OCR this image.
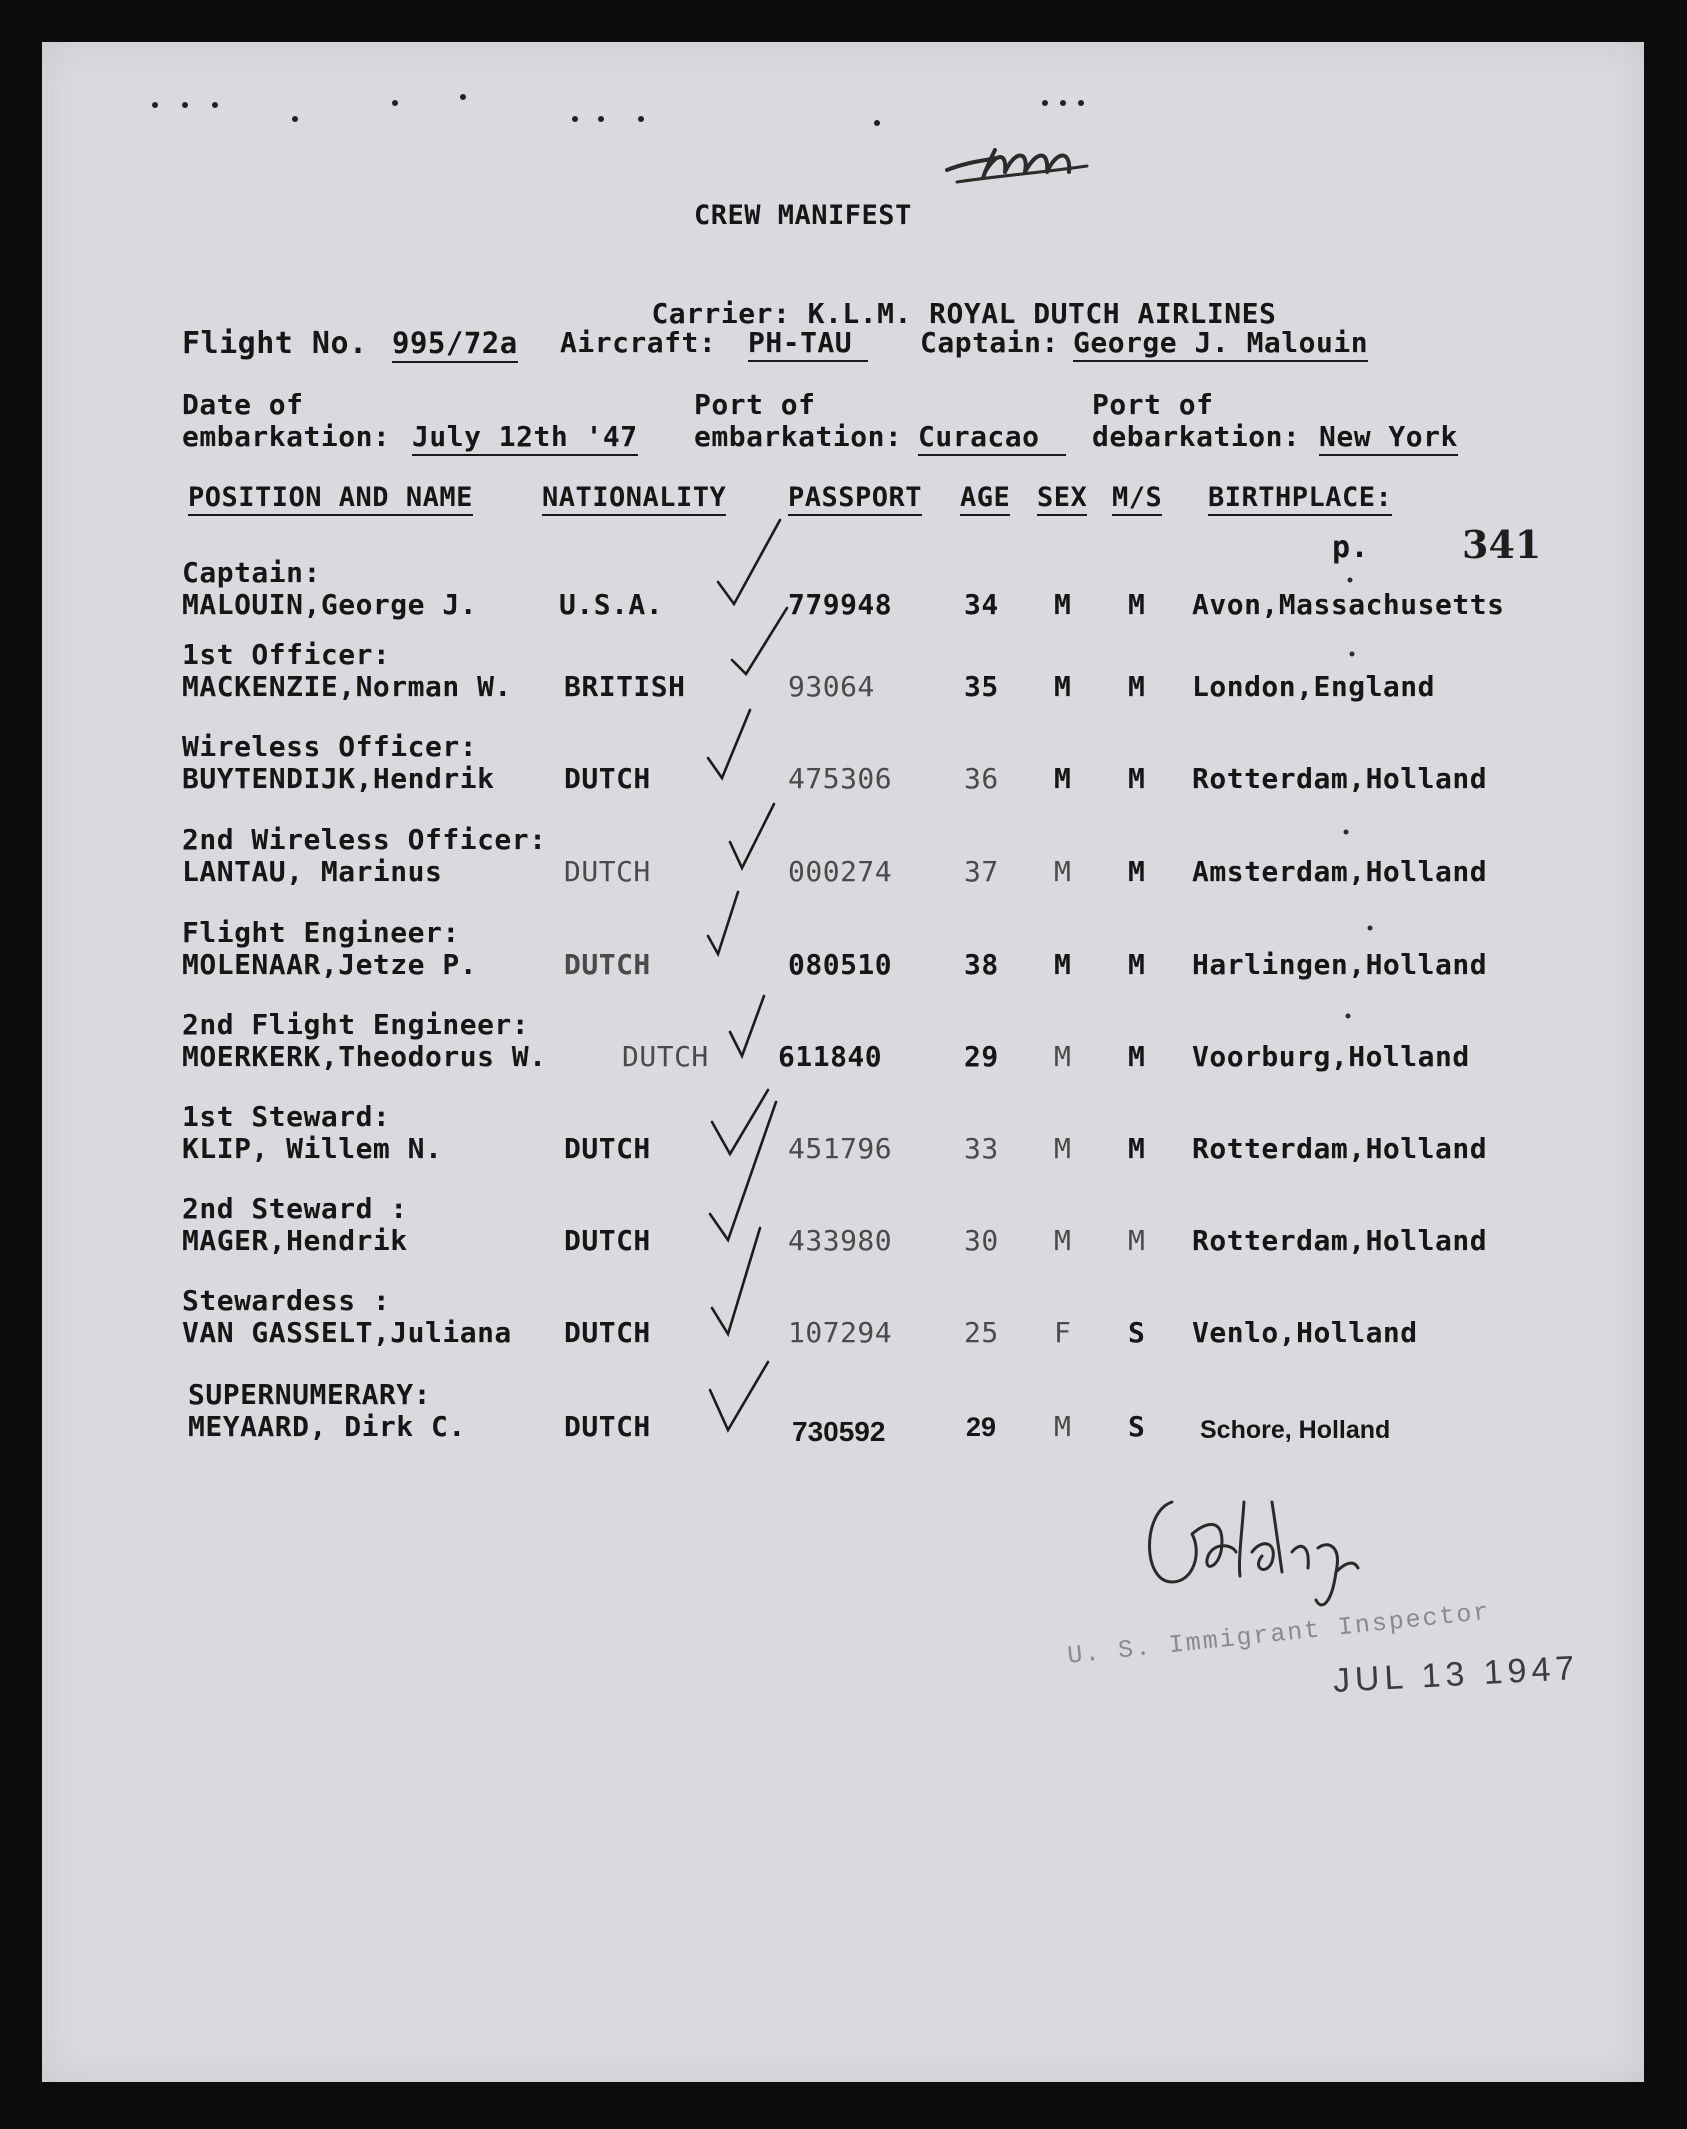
CREW MANIFEST

Carrier: K.L.M. ROYAL DUTCH AIRLINES

Flight No. 995/72a Aircraft: PH-TAU	Captain: George J. Malouin
Date of
embarkation: July 12th '47
Port of
embarkation: Curacao
Port of
debarkation: New York
POSITION AND NAME	NATIONALITY PASSPORT AGE SEX M/S BIRTHPLACE:
p. 341
Captain:
MALOUIN,George J.	U.S.A.	779948	34 M M Avon,Massachusetts
1st Officer:
MACKENZIE,Norman W. BRITISH	93064	35 M M London,England
Wireless Officer:
BUYTENDIJK,Hendrik DUTCH	475306	36 M M Rotterdam,Holland
2nd Wireless Officer:
LANTAU, Marinus	DUTCH	000274	37 M M Amsterdam,Holland
Flight Engineer:
MOLENAAR,Jetze P.	DUTCH	080510	38 M M Harlingen,Holland
2nd Flight Engineer:
MOERKERK,Theodorus W.	DUTCH 611840	29 M M Voorburg,Holland
1st Steward:
KLIP, Willem N.	DUTCH	451796	33 M M Rotterdam,Holland
2nd Steward :
MAGER,Hendrik	DUTCH	433980	30 M M Rotterdam,Holland
Stewardess :
VAN GASSELT,Juliana DUTCH	107294	25 F S Venlo,Holland
SUPERNUMERARY:
MEYAARD, Dirk C.	DUTCH	730592	29 M S Schore, Holland
U. S. Immigrant Inspector
JUL 13 1947
